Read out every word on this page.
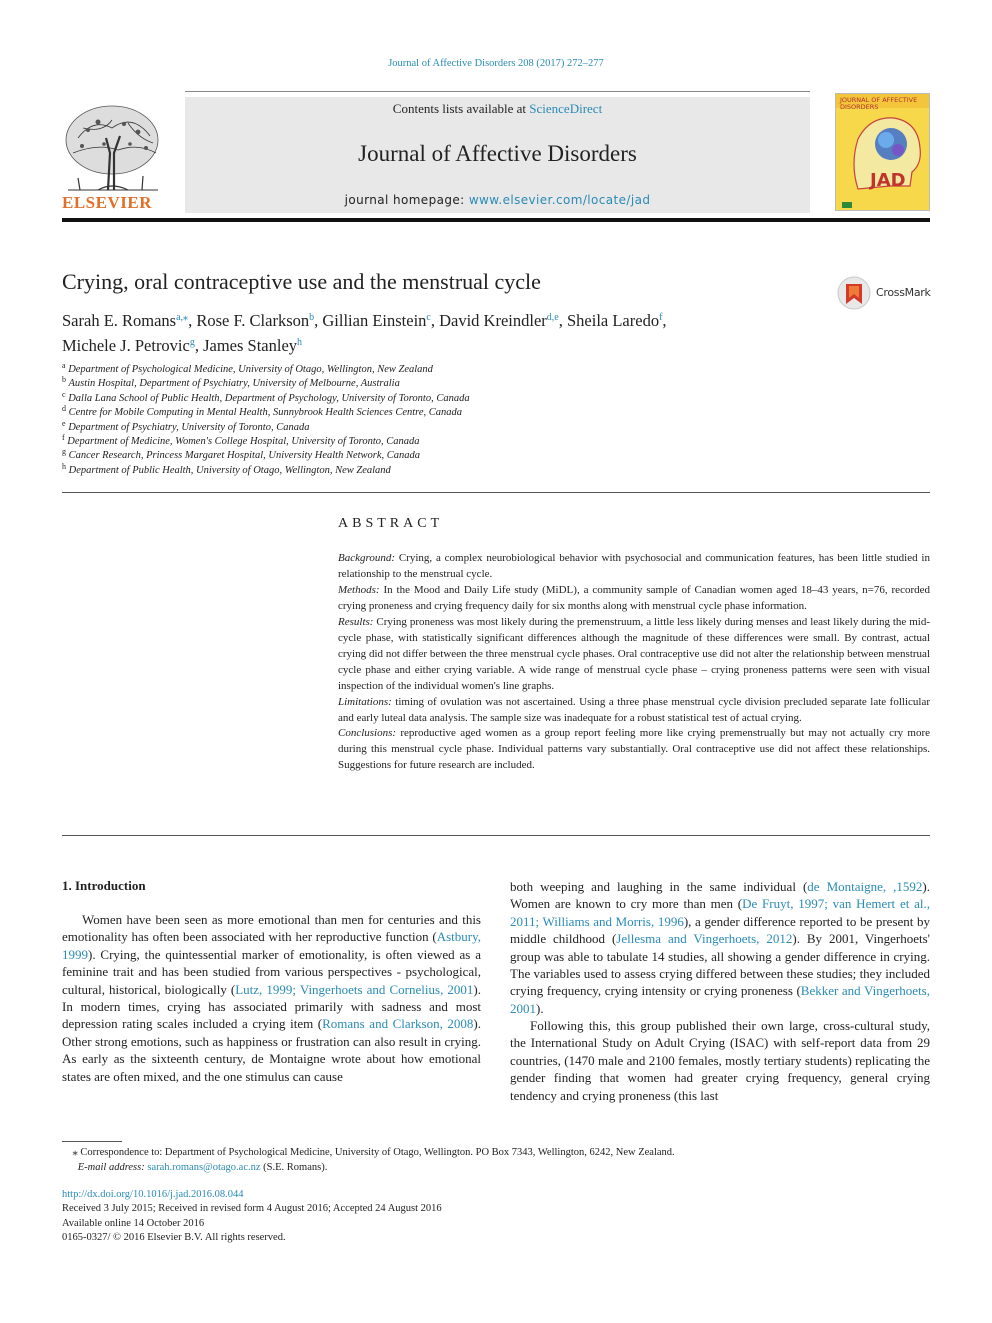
Journal of Affective Disorders 208 (2017) 272–277
ELSEVIER
Contents lists available at ScienceDirect
Journal of Affective Disorders
journal homepage: www.elsevier.com/locate/jad
JOURNAL OF AFFECTIVE DISORDERS
JAD
Crying, oral contraceptive use and the menstrual cycle	CrossMark
Sarah E. Romans$^{a,⁎}$, Rose F. Clarkson$^b$, Gillian Einstein$^c$, David Kreindler$^{d,e}$, Sheila Laredo$^f$,
Michele J. Petrovic$^g$, James Stanley$^h$
$^a$ Department of Psychological Medicine, University of Otago, Wellington, New Zealand
$^b$ Austin Hospital, Department of Psychiatry, University of Melbourne, Australia
$^c$ Dalla Lana School of Public Health, Department of Psychology, University of Toronto, Canada
$^d$ Centre for Mobile Computing in Mental Health, Sunnybrook Health Sciences Centre, Canada
$^e$ Department of Psychiatry, University of Toronto, Canada
$^f$ Department of Medicine, Women's College Hospital, University of Toronto, Canada
$^g$ Cancer Research, Princess Margaret Hospital, University Health Network, Canada
$^h$ Department of Public Health, University of Otago, Wellington, New Zealand
ABSTRACT

Background: Crying, a complex neurobiological behavior with psychosocial and communication features, has been little studied in relationship to the menstrual cycle.

Methods: In the Mood and Daily Life study (MiDL), a community sample of Canadian women aged 18–43 years, n=76, recorded crying proneness and crying frequency daily for six months along with menstrual cycle phase information.

Results: Crying proneness was most likely during the premenstruum, a little less likely during menses and least likely during the mid-cycle phase, with statistically significant differences although the magnitude of these differences were small. By contrast, actual crying did not differ between the three menstrual cycle phases. Oral contraceptive use did not alter the relationship between menstrual cycle phase and either crying variable. A wide range of menstrual cycle phase – crying proneness patterns were seen with visual inspection of the individual women's line graphs.

Limitations: timing of ovulation was not ascertained. Using a three phase menstrual cycle division precluded separate late follicular and early luteal data analysis. The sample size was inadequate for a robust statistical test of actual crying.

Conclusions: reproductive aged women as a group report feeling more like crying premenstrually but may not actually cry more during this menstrual cycle phase. Individual patterns vary substantially. Oral contraceptive use did not affect these relationships. Suggestions for future research are included.

1. Introduction
Women have been seen as more emotional than men for centuries and this emotionality has often been associated with her reproductive function (Astbury, 1999). Crying, the quintessential marker of emotionality, is often viewed as a feminine trait and has been studied from various perspectives - psychological, cultural, historical, biologically (Lutz, 1999; Vingerhoets and Cornelius, 2001). In modern times, crying has associated primarily with sadness and most depression rating scales included a crying item (Romans and Clarkson, 2008). Other strong emotions, such as happiness or frustration can also result in crying. As early as the sixteenth century, de Montaigne wrote about how emotional states are often mixed, and the one stimulus can cause
both weeping and laughing in the same individual (de Montaigne, ,1592). Women are known to cry more than men (De Fruyt, 1997; van Hemert et al., 2011; Williams and Morris, 1996), a gender difference reported to be present by middle childhood (Jellesma and Vingerhoets, 2012). By 2001, Vingerhoets' group was able to tabulate 14 studies, all showing a gender difference in crying. The variables used to assess crying differed between these studies; they included crying frequency, crying intensity or crying proneness (Bekker and Vingerhoets, 2001).
Following this, this group published their own large, cross-cultural study, the International Study on Adult Crying (ISAC) with self-report data from 29 countries, (1470 male and 2100 females, mostly tertiary students) replicating the gender finding that women had greater crying frequency, general crying tendency and crying proneness (this last
⁎ Correspondence to: Department of Psychological Medicine, University of Otago, Wellington. PO Box 7343, Wellington, 6242, New Zealand.
E-mail address: sarah.romans@otago.ac.nz (S.E. Romans).
http://dx.doi.org/10.1016/j.jad.2016.08.044
Received 3 July 2015; Received in revised form 4 August 2016; Accepted 24 August 2016
Available online 14 October 2016
0165-0327/ © 2016 Elsevier B.V. All rights reserved.
